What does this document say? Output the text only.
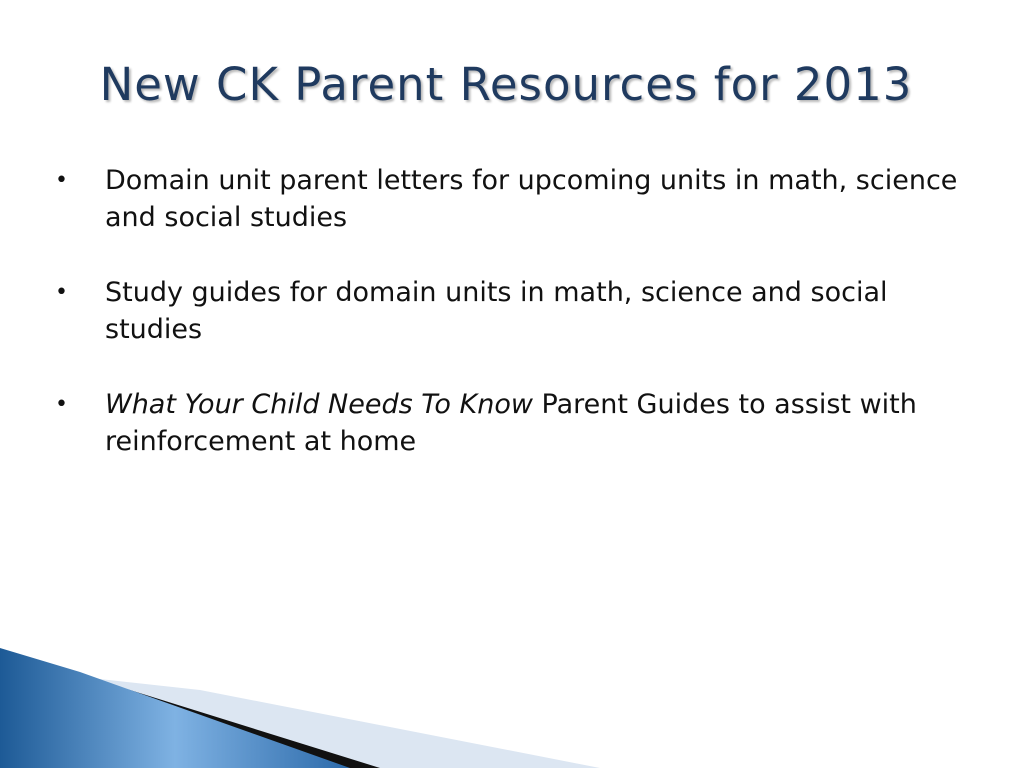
New CK Parent Resources for 2013
• Domain unit parent letters for upcoming units in math, science and social studies
• Study guides for domain units in math, science and social studies
• What Your Child Needs To Know Parent Guides to assist with reinforcement at home
